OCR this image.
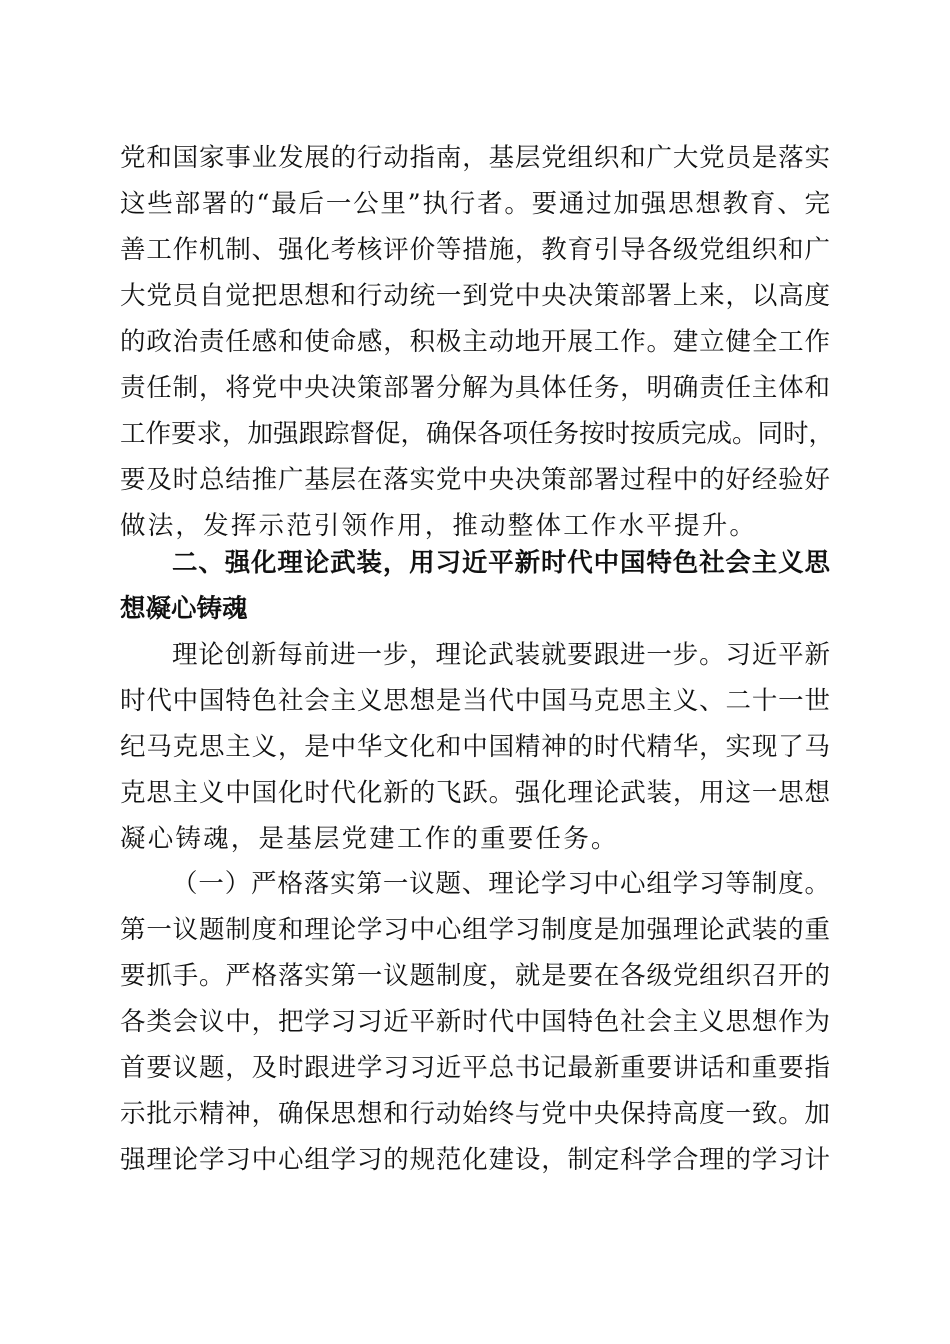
党和国家事业发展的行动指南，基层党组织和广大党员是落实
这些部署的“最后一公里”执行者。要通过加强思想教育、完
善工作机制、强化考核评价等措施，教育引导各级党组织和广
大党员自觉把思想和行动统一到党中央决策部署上来，以高度
的政治责任感和使命感，积极主动地开展工作。建立健全工作
责任制，将党中央决策部署分解为具体任务，明确责任主体和
工作要求，加强跟踪督促，确保各项任务按时按质完成。同时，
要及时总结推广基层在落实党中央决策部署过程中的好经验好
做法，发挥示范引领作用，推动整体工作水平提升。
二、强化理论武装，用习近平新时代中国特色社会主义思
想凝心铸魂
理论创新每前进一步，理论武装就要跟进一步。习近平新
时代中国特色社会主义思想是当代中国马克思主义、二十一世
纪马克思主义，是中华文化和中国精神的时代精华，实现了马
克思主义中国化时代化新的飞跃。强化理论武装，用这一思想
凝心铸魂，是基层党建工作的重要任务。
（一）严格落实第一议题、理论学习中心组学习等制度。
第一议题制度和理论学习中心组学习制度是加强理论武装的重
要抓手。严格落实第一议题制度，就是要在各级党组织召开的
各类会议中，把学习习近平新时代中国特色社会主义思想作为
首要议题，及时跟进学习习近平总书记最新重要讲话和重要指
示批示精神，确保思想和行动始终与党中央保持高度一致。加
强理论学习中心组学习的规范化建设，制定科学合理的学习计
